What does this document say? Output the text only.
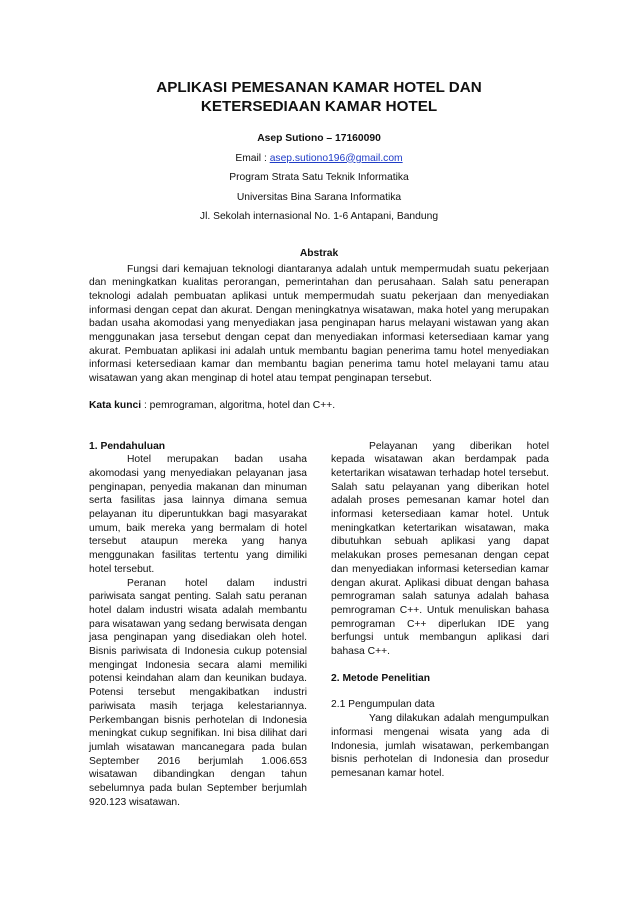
APLIKASI PEMESANAN KAMAR HOTEL DAN KETERSEDIAAN KAMAR HOTEL
Asep Sutiono – 17160090
Email : asep.sutiono196@gmail.com
Program Strata Satu Teknik Informatika
Universitas Bina Sarana Informatika
Jl. Sekolah internasional No. 1-6 Antapani, Bandung
Abstrak
Fungsi dari kemajuan teknologi diantaranya adalah untuk mempermudah suatu pekerjaan dan meningkatkan kualitas perorangan, pemerintahan dan perusahaan. Salah satu penerapan teknologi adalah pembuatan aplikasi untuk mempermudah suatu pekerjaan dan menyediakan informasi dengan cepat dan akurat. Dengan meningkatnya wisatawan, maka hotel yang merupakan badan usaha akomodasi yang menyediakan jasa penginapan harus melayani wistawan yang akan menggunakan jasa tersebut dengan cepat dan menyediakan informasi ketersediaan kamar yang akurat. Pembuatan aplikasi ini adalah untuk membantu bagian penerima tamu hotel menyediakan informasi ketersediaan kamar dan membantu bagian penerima tamu hotel melayani tamu atau wisatawan yang akan menginap di hotel atau tempat penginapan tersebut.
Kata kunci : pemrograman, algoritma, hotel dan C++.

1. Pendahuluan

Hotel merupakan badan usaha akomodasi yang menyediakan pelayanan jasa penginapan, penyedia makanan dan minuman serta fasilitas jasa lainnya dimana semua pelayanan itu diperuntukkan bagi masyarakat umum, baik mereka yang bermalam di hotel tersebut ataupun mereka yang hanya menggunakan fasilitas tertentu yang dimiliki hotel tersebut.

Peranan hotel dalam industri pariwisata sangat penting. Salah satu peranan hotel dalam industri wisata adalah membantu para wisatawan yang sedang berwisata dengan jasa penginapan yang disediakan oleh hotel. Bisnis pariwisata di Indonesia cukup potensial mengingat Indonesia secara alami memiliki potensi keindahan alam dan keunikan budaya. Potensi tersebut mengakibatkan industri pariwisata masih terjaga kelestariannya. Perkembangan bisnis perhotelan di Indonesia meningkat cukup segnifikan. Ini bisa dilihat dari jumlah wisatawan mancanegara pada bulan September 2016 berjumlah 1.006.653 wisatawan dibandingkan dengan tahun sebelumnya pada bulan September berjumlah 920.123 wisatawan.

Pelayanan yang diberikan hotel kepada wisatawan akan berdampak pada ketertarikan wisatawan terhadap hotel tersebut. Salah satu pelayanan yang diberikan hotel adalah proses pemesanan kamar hotel dan informasi ketersediaan kamar hotel. Untuk meningkatkan ketertarikan wisatawan, maka dibutuhkan sebuah aplikasi yang dapat melakukan proses pemesanan dengan cepat dan menyediakan informasi ketersedian kamar dengan akurat. Aplikasi dibuat dengan bahasa pemrograman salah satunya adalah bahasa pemrograman C++. Untuk menuliskan bahasa pemrograman C++ diperlukan IDE yang berfungsi untuk membangun aplikasi dari bahasa C++.

2. Metode Penelitian

2.1 Pengumpulan data

Yang dilakukan adalah mengumpulkan informasi mengenai wisata yang ada di Indonesia, jumlah wisatawan, perkembangan bisnis perhotelan di Indonesia dan prosedur pemesanan kamar hotel.
